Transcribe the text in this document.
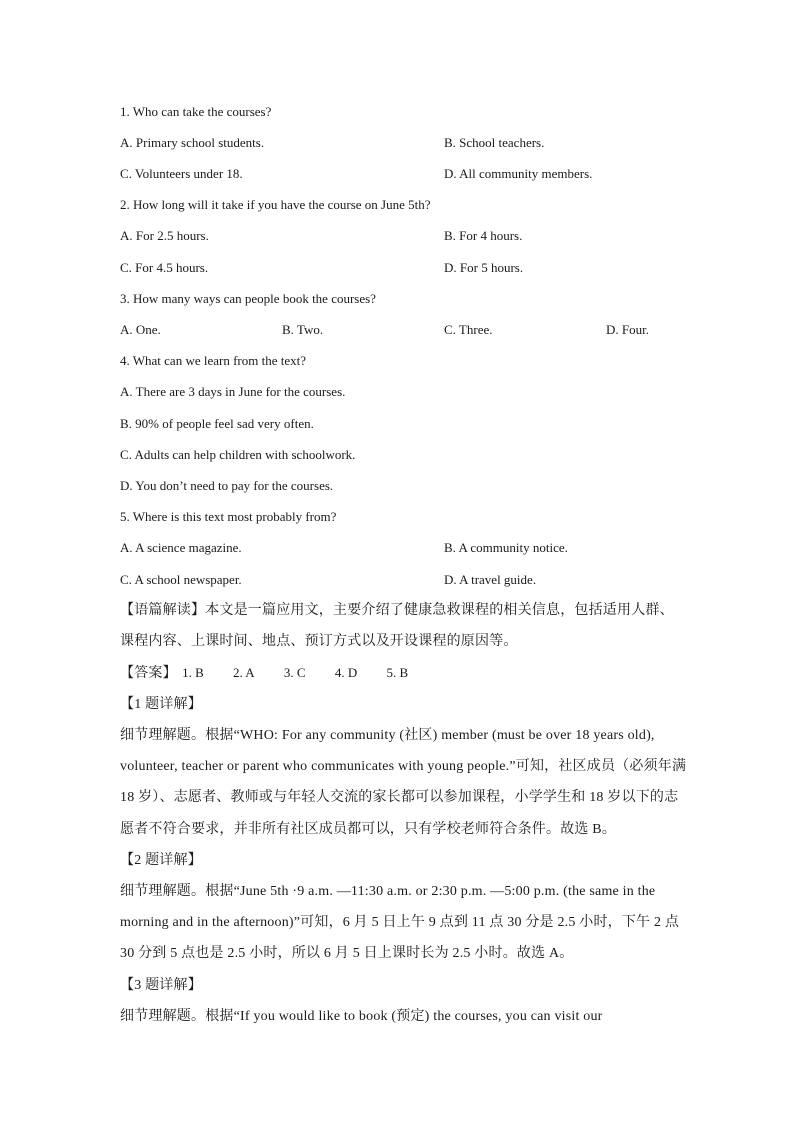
1. Who can take the courses?
A. Primary school students.	B. School teachers.
C. Volunteers under 18.	D. All community members.
2. How long will it take if you have the course on June 5th?
A. For 2.5 hours.	B. For 4 hours.
C. For 4.5 hours.	D. For 5 hours.
3. How many ways can people book the courses?
A. One.	B. Two.	C. Three.	D. Four.
4. What can we learn from the text?
A. There are 3 days in June for the courses.
B. 90% of people feel sad very often.
C. Adults can help children with schoolwork.
D. You don’t need to pay for the courses.
5. Where is this text most probably from?
A. A science magazine.	B. A community notice.
C. A school newspaper.	D. A travel guide.
【语篇解读】本文是一篇应用文，主要介绍了健康急救课程的相关信息，包括适用人群、
课程内容、上课时间、地点、预订方式以及开设课程的原因等。
【答案】 1. B 2. A 3. C 4. D 5. B
【1 题详解】
细节理解题。根据“WHO: For any community (社区) member (must be over 18 years old),
volunteer, teacher or parent who communicates with young people.”可知，社区成员（必须年满
18 岁）、志愿者、教师或与年轻人交流的家长都可以参加课程，小学学生和 18 岁以下的志
愿者不符合要求，并非所有社区成员都可以，只有学校老师符合条件。故选 B。
【2 题详解】
细节理解题。根据“June 5th ·9 a.m. —11:30 a.m. or 2:30 p.m. —5:00 p.m. (the same in the
morning and in the afternoon)”可知，6 月 5 日上午 9 点到 11 点 30 分是 2.5 小时，下午 2 点
30 分到 5 点也是 2.5 小时，所以 6 月 5 日上课时长为 2.5 小时。故选 A。
【3 题详解】
细节理解题。根据“If you would like to book (预定) the courses, you can visit our
